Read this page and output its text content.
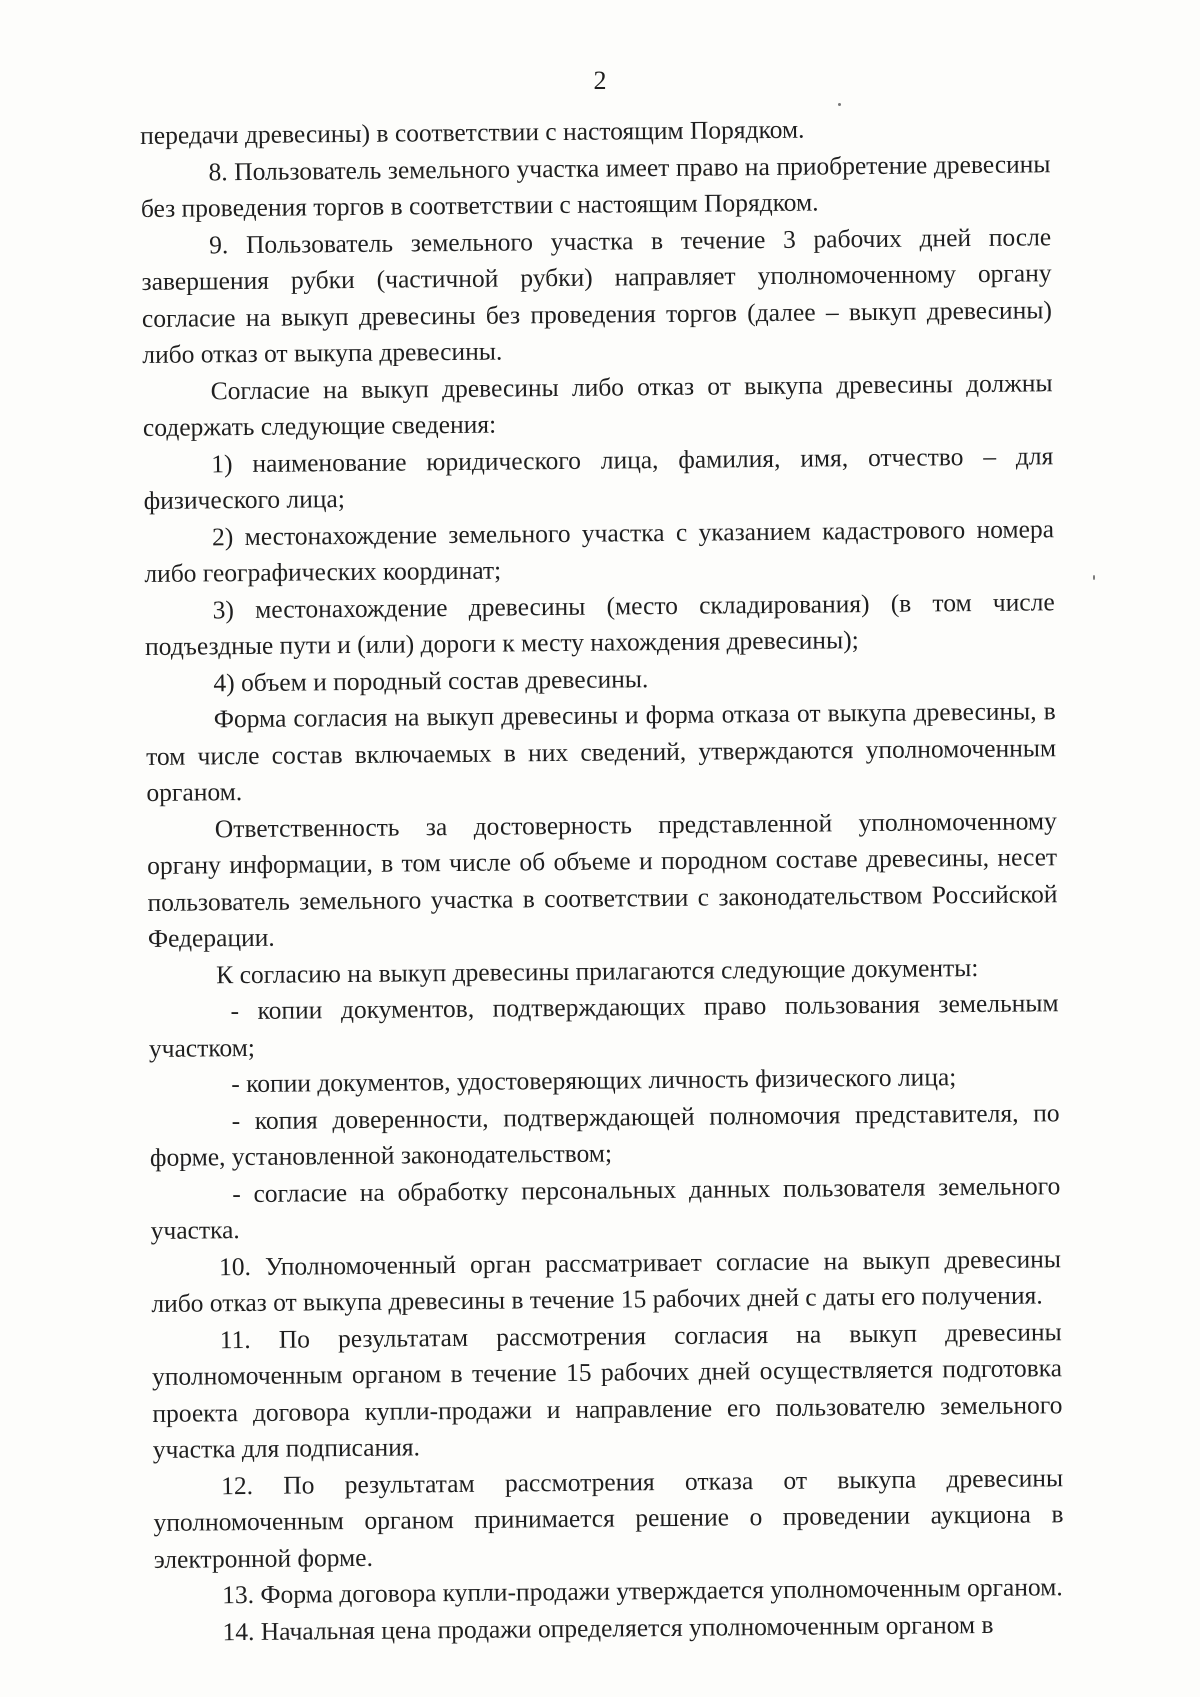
2

передачи древесины) в соответствии с настоящим Порядком.

8. Пользователь земельного участка имеет право на приобретение древесины без проведения торгов в соответствии с настоящим Порядком.

9. Пользователь земельного участка в течение 3 рабочих дней после завершения рубки (частичной рубки) направляет уполномоченному органу согласие на выкуп древесины без проведения торгов (далее – выкуп древесины) либо отказ от выкупа древесины.

Согласие на выкуп древесины либо отказ от выкупа древесины должны содержать следующие сведения:

1) наименование юридического лица, фамилия, имя, отчество – для физического лица;

2) местонахождение земельного участка с указанием кадастрового номера либо географических координат;

3) местонахождение древесины (место складирования) (в том числе подъездные пути и (или) дороги к месту нахождения древесины);

4) объем и породный состав древесины.

Форма согласия на выкуп древесины и форма отказа от выкупа древесины, в том числе состав включаемых в них сведений, утверждаются уполномоченным органом.

Ответственность за достоверность представленной уполномоченному органу информации, в том числе об объеме и породном составе древесины, несет пользователь земельного участка в соответствии с законодательством Российской Федерации.

К согласию на выкуп древесины прилагаются следующие документы:

- копии документов, подтверждающих право пользования земельным участком;

- копии документов, удостоверяющих личность физического лица;

- копия доверенности, подтверждающей полномочия представителя, по форме, установленной законодательством;

- согласие на обработку персональных данных пользователя земельного участка.

10. Уполномоченный орган рассматривает согласие на выкуп древесины либо отказ от выкупа древесины в течение 15 рабочих дней с даты его получения.

11. По результатам рассмотрения согласия на выкуп древесины уполномоченным органом в течение 15 рабочих дней осуществляется подготовка проекта договора купли-продажи и направление его пользователю земельного участка для подписания.

12. По результатам рассмотрения отказа от выкупа древесины уполномоченным органом принимается решение о проведении аукциона в электронной форме.

13. Форма договора купли-продажи утверждается уполномоченным органом.

14. Начальная цена продажи определяется уполномоченным органом в
